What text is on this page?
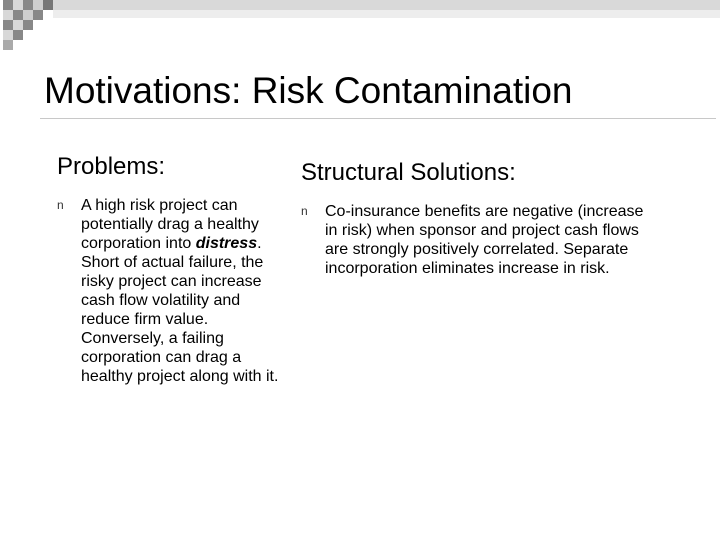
Motivations: Risk Contamination
Problems:
n A high risk project can potentially drag a healthy corporation into distress. Short of actual failure, the risky project can increase cash flow volatility and reduce firm value. Conversely, a failing corporation can drag a healthy project along with it.
Structural Solutions:
n Co-insurance benefits are negative (increase in risk) when sponsor and project cash flows are strongly positively correlated. Separate incorporation eliminates increase in risk.
